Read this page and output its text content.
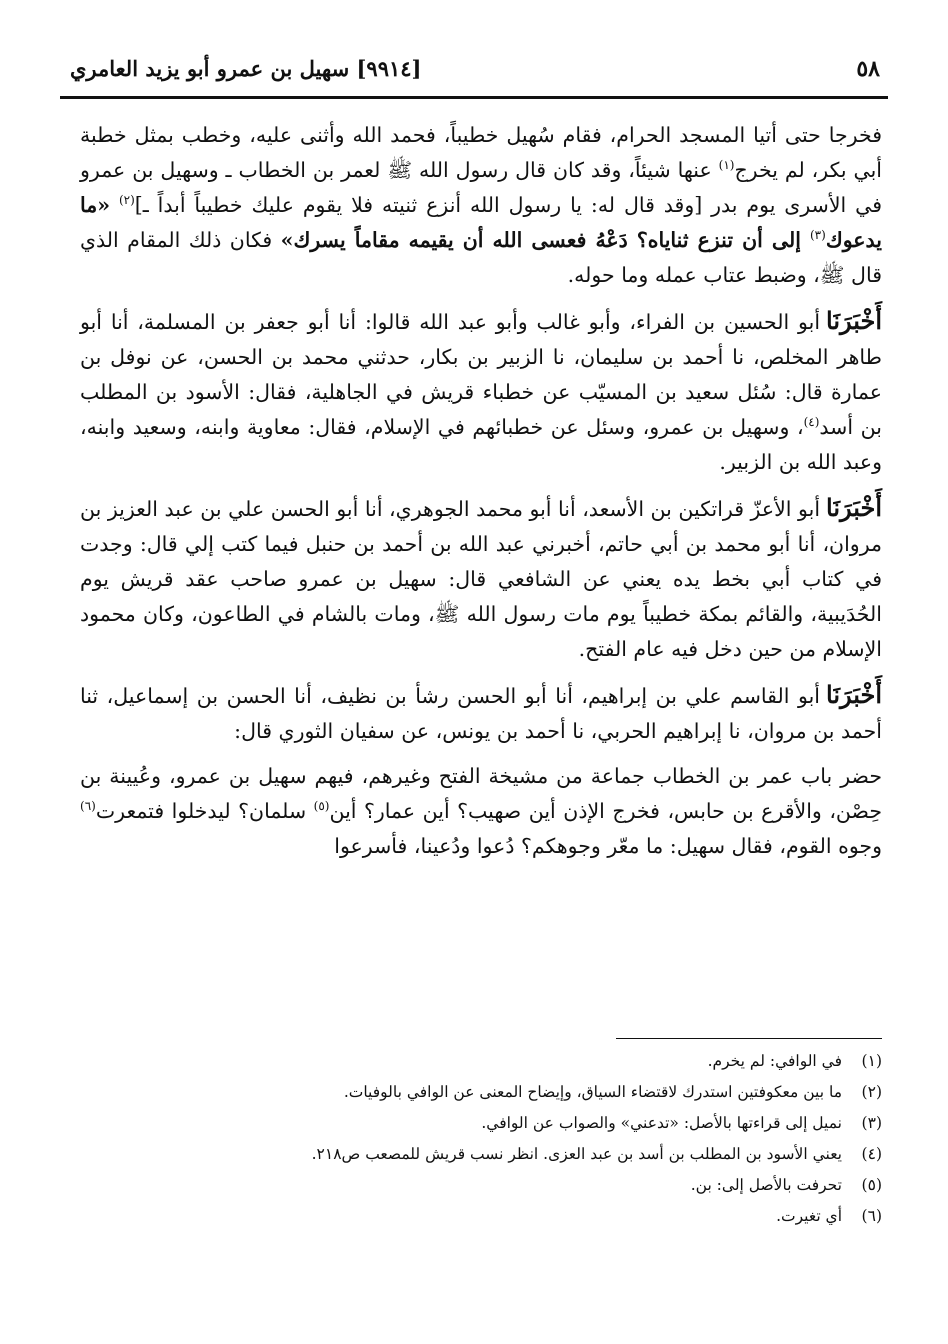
٥٨
[٩٩١٤] سهيل بن عمرو أبو يزيد العامري

فخرجا حتى أتيا المسجد الحرام، فقام سُهيل خطيباً، فحمد الله وأثنى عليه، وخطب بمثل خطبة أبي بكر، لم يخرج$^{(١)}$ عنها شيئاً، وقد كان قال رسول الله ﷺ لعمر بن الخطاب ـ وسهيل بن عمرو في الأسرى يوم بدر [وقد قال له: يا رسول الله أنزع ثنيته فلا يقوم عليك خطيباً أبداً ـ]$^{(٢)}$ «ما يدعوك$^{(٣)}$ إلى أن تنزع ثناياه؟ دَعْهُ فعسى الله أن يقيمه مقاماً يسرك» فكان ذلك المقام الذي قال ﷺ، وضبط عتاب عمله وما حوله.

أَخْبَرَنَاأبو الحسين بن الفراء، وأبو غالب وأبو عبد الله قالوا: أنا أبو جعفر بن المسلمة، أنا أبو طاهر المخلص، نا أحمد بن سليمان، نا الزبير بن بكار، حدثني محمد بن الحسن، عن نوفل بن عمارة قال: سُئل سعيد بن المسيّب عن خطباء قريش في الجاهلية، فقال: الأسود بن المطلب بن أسد$^{(٤)}$، وسهيل بن عمرو، وسئل عن خطبائهم في الإسلام، فقال: معاوية وابنه، وسعيد وابنه، وعبد الله بن الزبير.

أَخْبَرَنَاأبو الأعزّ قراتكين بن الأسعد، أنا أبو محمد الجوهري، أنا أبو الحسن علي بن عبد العزيز بن مروان، أنا أبو محمد بن أبي حاتم، أخبرني عبد الله بن أحمد بن حنبل فيما كتب إلي قال: وجدت في كتاب أبي بخط يده يعني عن الشافعي قال: سهيل بن عمرو صاحب عقد قريش يوم الحُدَيبية، والقائم بمكة خطيباً يوم مات رسول الله ﷺ، ومات بالشام في الطاعون، وكان محمود الإسلام من حين دخل فيه عام الفتح.

أَخْبَرَنَاأبو القاسم علي بن إبراهيم، أنا أبو الحسن رشأ بن نظيف، أنا الحسن بن إسماعيل، ثنا أحمد بن مروان، نا إبراهيم الحربي، نا أحمد بن يونس، عن سفيان الثوري قال:

حضر باب عمر بن الخطاب جماعة من مشيخة الفتح وغيرهم، فيهم سهيل بن عمرو، وعُيينة بن حِصْن، والأقرع بن حابس، فخرج الإذن أين صهيب؟ أين عمار؟ أين$^{(٥)}$ سلمان؟ ليدخلوا فتمعرت$^{(٦)}$ وجوه القوم، فقال سهيل: ما معّر وجوهكم؟ دُعوا ودُعينا، فأسرعوا

(١)في الوافي: لم يخرم.
(٢)ما بين معكوفتين استدرك لاقتضاء السياق، وإيضاح المعنى عن الوافي بالوفيات.
(٣)نميل إلى قراءتها بالأصل: «تدعني» والصواب عن الوافي.
(٤)يعني الأسود بن المطلب بن أسد بن عبد العزى. انظر نسب قريش للمصعب ص٢١٨.
(٥)تحرفت بالأصل إلى: بن.
(٦)أي تغيرت.
